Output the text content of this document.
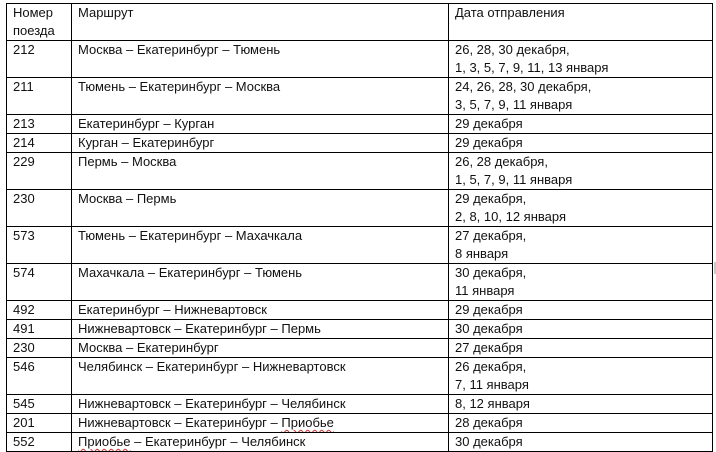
Номер
поезда	Маршрут	Дата отправления
212	Москва – Екатеринбург – Тюмень	26, 28, 30 декабря,
1, 3, 5, 7, 9, 11, 13 января

211	Тюмень – Екатеринбург – Москва	24, 26, 28, 30 декабря,
3, 5, 7, 9, 11 января

213	Екатеринбург – Курган	29 декабря

214	Курган – Екатеринбург	29 декабря

229	Пермь – Москва	26, 28 декабря,
1, 5, 7, 9, 11 января

230	Москва – Пермь	29 декабря,
2, 8, 10, 12 января

573	Тюмень – Екатеринбург – Махачкала	27 декабря,
8 января

574	Махачкала – Екатеринбург – Тюмень	30 декабря,
11 января

492	Екатеринбург – Нижневартовск	29 декабря

491	Нижневартовск – Екатеринбург – Пермь	30 декабря

230	Москва – Екатеринбург	27 декабря

546	Челябинск – Екатеринбург – Нижневартовск	26 декабря,
7, 11 января

545	Нижневартовск – Екатеринбург – Челябинск	8, 12 января

201	Нижневартовск – Екатеринбург – Приобье	28 декабря

552	Приобье – Екатеринбург – Челябинск	30 декабря
